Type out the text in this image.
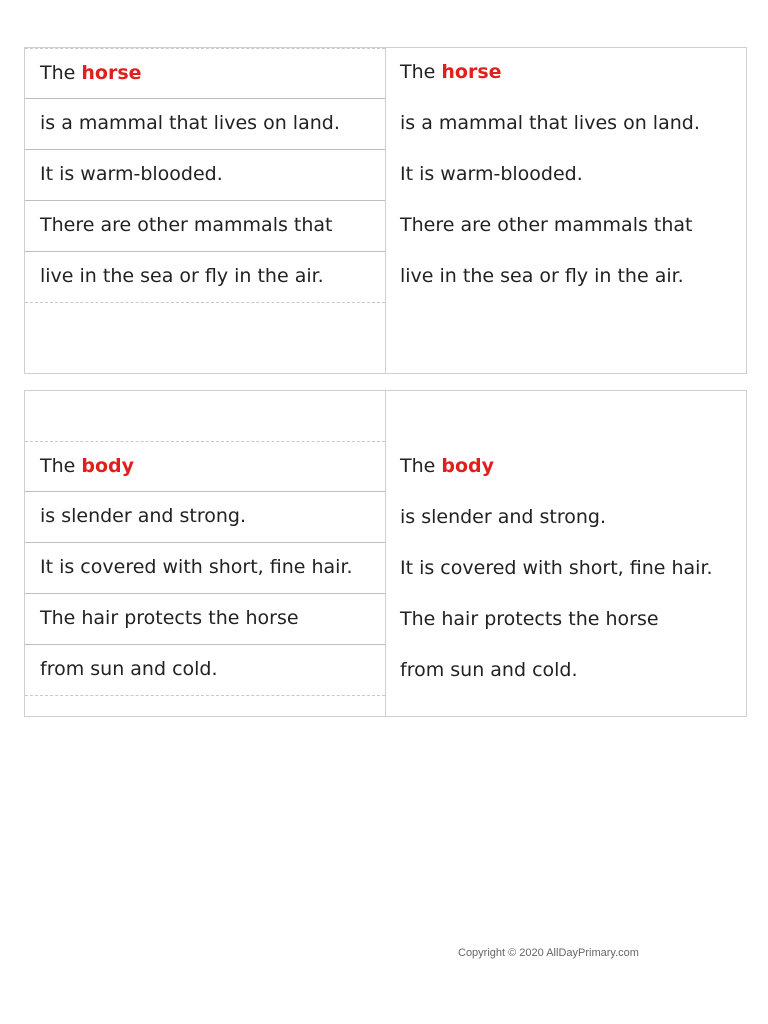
The horse
is a mammal that lives on land.
It is warm-blooded.
There are other mammals that
live in the sea or fly in the air.
The horse
is a mammal that lives on land.
It is warm-blooded.
There are other mammals that
live in the sea or fly in the air.
The body
is slender and strong.
It is covered with short, fine hair.
The hair protects the horse
from sun and cold.
The body
is slender and strong.
It is covered with short, fine hair.
The hair protects the horse
from sun and cold.
Copyright © 2020 AllDayPrimary.com
